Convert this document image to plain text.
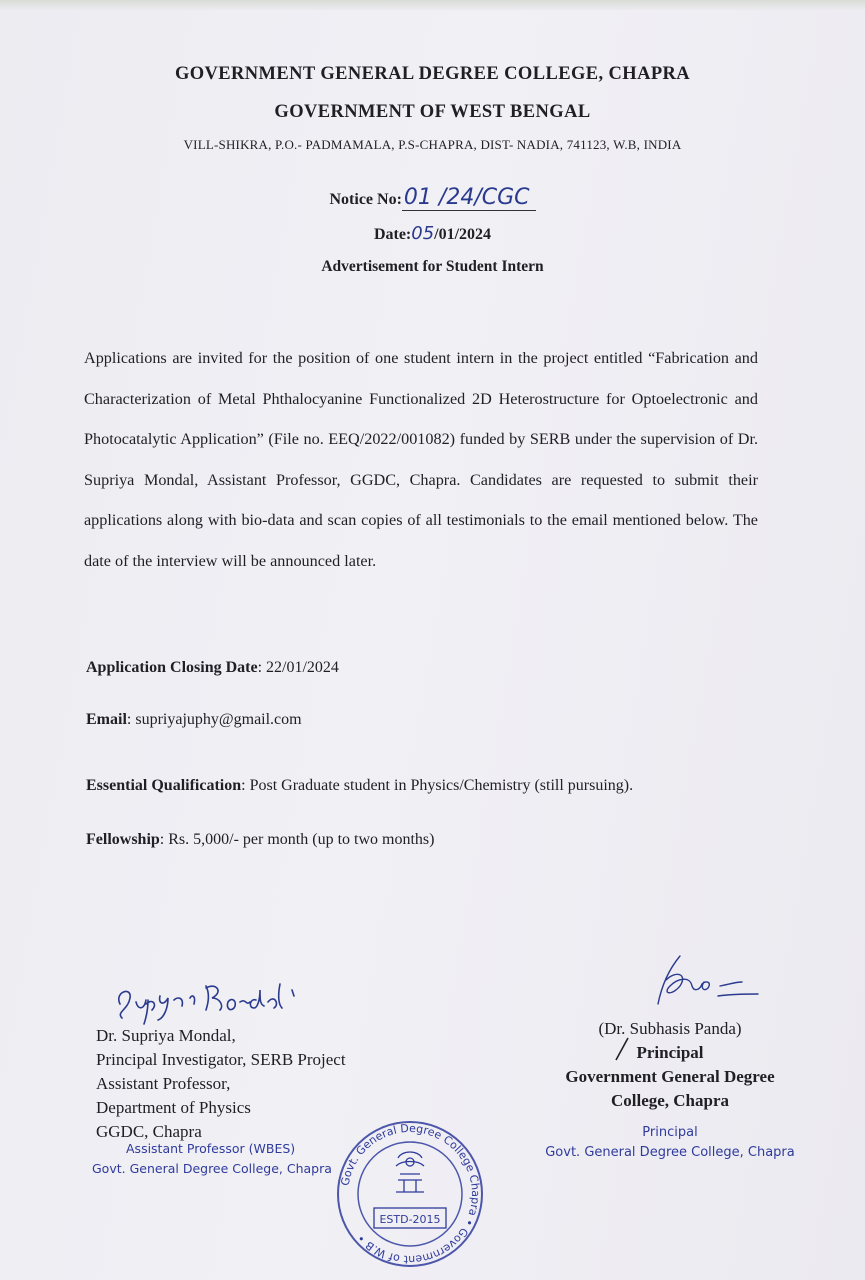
GOVERNMENT GENERAL DEGREE COLLEGE, CHAPRA
GOVERNMENT OF WEST BENGAL
VILL-SHIKRA, P.O.- PADMAMALA, P.S-CHAPRA, DIST- NADIA, 741123, W.B, INDIA
Notice No:01 /24/CGC
Date:05/01/2024
Advertisement for Student Intern
Applications are invited for the position of one student intern in the project entitled “Fabrication and Characterization of Metal Phthalocyanine Functionalized 2D Heterostructure for Optoelectronic and Photocatalytic Application” (File no. EEQ/2022/001082) funded by SERB under the supervision of Dr. Supriya Mondal, Assistant Professor, GGDC, Chapra. Candidates are requested to submit their applications along with bio-data and scan copies of all testimonials to the email mentioned below. The date of the interview will be announced later.
Application Closing Date: 22/01/2024
Email: supriyajuphy@gmail.com
Essential Qualification: Post Graduate student in Physics/Chemistry (still pursuing).
Fellowship: Rs. 5,000/- per month (up to two months)
Dr. Supriya Mondal,
Principal Investigator, SERB Project
Assistant Professor,
Department of Physics
GGDC, Chapra
Assistant Professor (WBES)
Govt. General Degree College, Chapra
(Dr. Subhasis Panda)
Principal
Government General Degree
College, Chapra
Principal
Govt. General Degree College, Chapra
Govt. General Degree College Chapra • Government of W.B •
ESTD-2015
